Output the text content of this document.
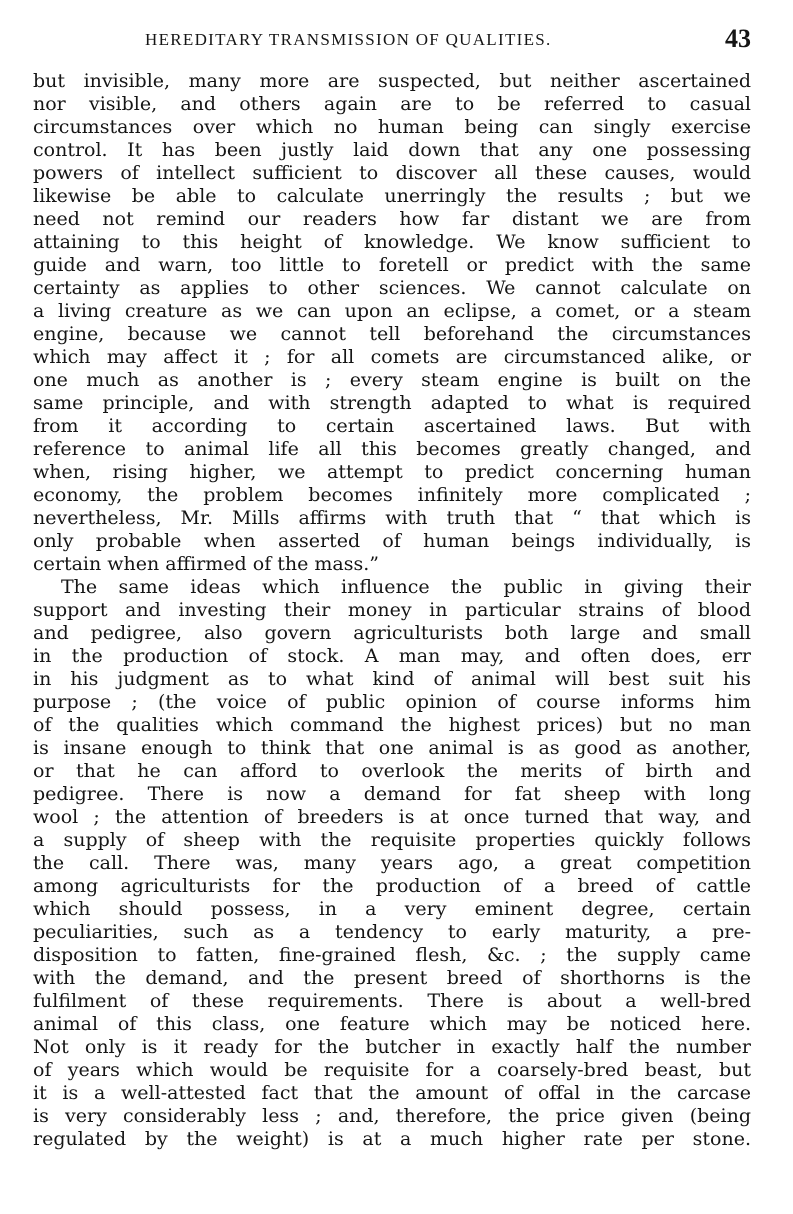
HEREDITARY TRANSMISSION OF QUALITIES.	43
but invisible, many more are suspected, but neither ascertained
nor visible, and others again are to be referred to casual
circumstances over which no human being can singly exercise
control. It has been justly laid down that any one possessing
powers of intellect sufficient to discover all these causes, would
likewise be able to calculate unerringly the results ; but we
need not remind our readers how far distant we are from
attaining to this height of knowledge. We know sufficient to
guide and warn, too little to foretell or predict with the same
certainty as applies to other sciences. We cannot calculate on
a living creature as we can upon an eclipse, a comet, or a steam
engine, because we cannot tell beforehand the circumstances
which may affect it ; for all comets are circumstanced alike, or
one much as another is ; every steam engine is built on the
same principle, and with strength adapted to what is required
from it according to certain ascertained laws. But with
reference to animal life all this becomes greatly changed, and
when, rising higher, we attempt to predict concerning human
economy, the problem becomes infinitely more complicated ;
nevertheless, Mr. Mills affirms with truth that “ that which is
only probable when asserted of human beings individually, is
certain when affirmed of the mass.”
The same ideas which influence the public in giving their
support and investing their money in particular strains of blood
and pedigree, also govern agriculturists both large and small
in the production of stock. A man may, and often does, err
in his judgment as to what kind of animal will best suit his
purpose ; (the voice of public opinion of course informs him
of the qualities which command the highest prices) but no man
is insane enough to think that one animal is as good as another,
or that he can afford to overlook the merits of birth and
pedigree. There is now a demand for fat sheep with long
wool ; the attention of breeders is at once turned that way, and
a supply of sheep with the requisite properties quickly follows
the call. There was, many years ago, a great competition
among agriculturists for the production of a breed of cattle
which should possess, in a very eminent degree, certain
peculiarities, such as a tendency to early maturity, a pre-
disposition to fatten, fine-grained flesh, &c. ; the supply came
with the demand, and the present breed of shorthorns is the
fulfilment of these requirements. There is about a well-bred
animal of this class, one feature which may be noticed here.
Not only is it ready for the butcher in exactly half the number
of years which would be requisite for a coarsely-bred beast, but
it is a well-attested fact that the amount of offal in the carcase
is very considerably less ; and, therefore, the price given (being
regulated by the weight) is at a much higher rate per stone.
